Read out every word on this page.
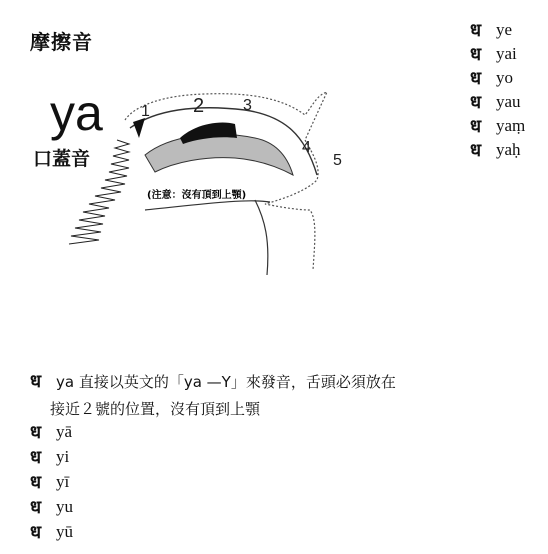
摩擦音
ya
口蓋音
1 2 3
4
5
(注意：沒有頂到上顎)
ध ye
ध yai
ध yo
ध yau
ध yaṃ
ध yaḥ
ध ya 直接以英文的「ya —Y」來發音，舌頭必須放在
接近２號的位置，沒有頂到上顎
ध yā
ध yi
ध yī
ध yu
ध yū
